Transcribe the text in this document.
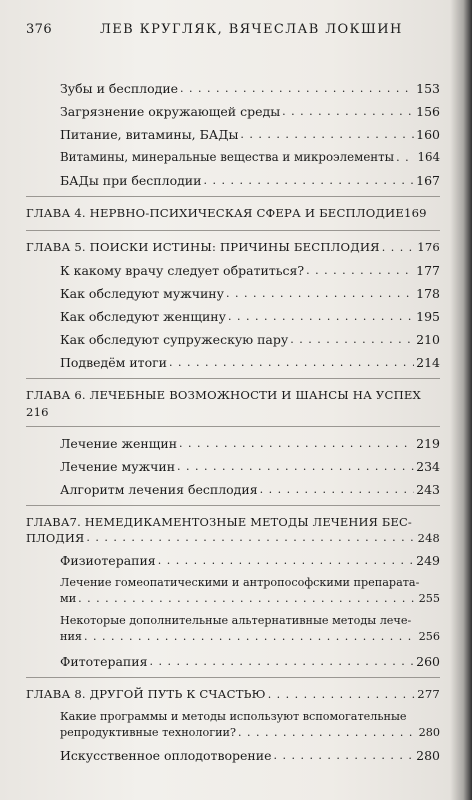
376	ЛЕВ КРУГЛЯК, ВЯЧЕСЛАВ ЛОКШИН
Зубы и бесплодие . . .	153
Загрязнение окружающей среды . . .	156
Питание, витамины, БАДы . . .	160
Витамины, минеральные вещества и микроэлементы . . . 164
БАДы при бесплодии . . .	167
ГЛАВА 4. НЕРВНО-ПСИХИЧЕСКАЯ СФЕРА И БЕСПЛОДИЕ 169
ГЛАВА 5. ПОИСКИ ИСТИНЫ: ПРИЧИНЫ БЕСПЛОДИЯ . . .	176
К какому врачу следует обратиться? . . .	177
Как обследуют мужчину . . .	178
Как обследуют женщину . . .	195
Как обследуют супружескую пару . . .	210
Подведём итоги . . .	214
ГЛАВА 6. ЛЕЧЕБНЫЕ ВОЗМОЖНОСТИ И ШАНСЫ НА УСПЕХ
216
Лечение женщин . . .	219
Лечение мужчин . . .	234
Алгоритм лечения бесплодия . . .	243
ГЛАВА7. НЕМЕДИКАМЕНТОЗНЫЕ МЕТОДЫ ЛЕЧЕНИЯ БЕС-
ПЛОДИЯ . . .	248
Физиотерапия . . .	249
Лечение гомеопатическими и антропософскими препарата-
ми . . .	255
Некоторые дополнительные альтернативные методы лече-
ния . . .	256
Фитотерапия . . .	260
ГЛАВА 8. ДРУГОЙ ПУТЬ К СЧАСТЬЮ . . .	277
Какие программы и методы используют вспомогательные
репродуктивные технологии? . . .	280
Искусственное оплодотворение . . .	280
